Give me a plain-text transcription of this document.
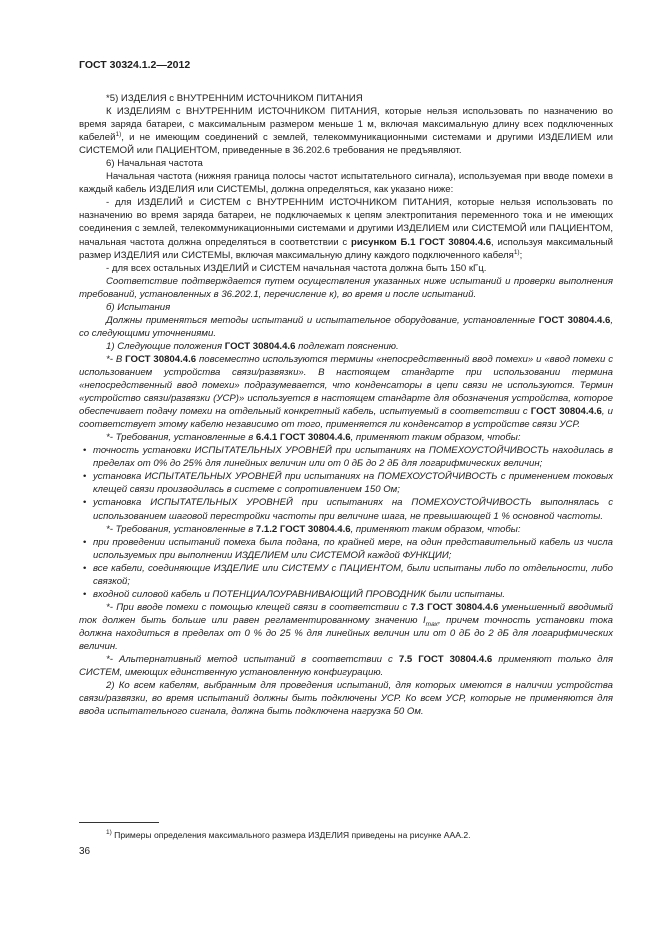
ГОСТ 30324.1.2—2012

*5) ИЗДЕЛИЯ с ВНУТРЕННИМ ИСТОЧНИКОМ ПИТАНИЯ

К ИЗДЕЛИЯМ с ВНУТРЕННИМ ИСТОЧНИКОМ ПИТАНИЯ, которые нельзя использовать по назначению во время заряда батареи, с максимальным размером меньше 1 м, включая максимальную длину всех подключенных кабелей$^{1)}$, и не имеющим соединений с землей, телекоммуникационными системами и другими ИЗДЕЛИЕМ или СИСТЕМОЙ или ПАЦИЕНТОМ, приведенные в 36.202.6 требования не предъявляют.

6) Начальная частота

Начальная частота (нижняя граница полосы частот испытательного сигнала), используемая при вводе помехи в каждый кабель ИЗДЕЛИЯ или СИСТЕМЫ, должна определяться, как указано ниже:

- для ИЗДЕЛИЙ и СИСТЕМ с ВНУТРЕННИМ ИСТОЧНИКОМ ПИТАНИЯ, которые нельзя использовать по назначению во время заряда батареи, не подключаемых к цепям электропитания переменного тока и не имеющих соединения с землей, телекоммуникационными системами и другими ИЗДЕЛИЕМ или СИСТЕМОЙ или ПАЦИЕНТОМ, начальная частота должна определяться в соответствии с рисунком Б.1 ГОСТ 30804.4.6, используя максимальный размер ИЗДЕЛИЯ или СИСТЕМЫ, включая максимальную длину каждого подключенного кабеля$^{1)}$;

- для всех остальных ИЗДЕЛИЙ и СИСТЕМ начальная частота должна быть 150 кГц.

Соответствие подтверждается путем осуществления указанных ниже испытаний и проверки выполнения требований, установленных в 36.202.1, перечисление к), во время и после испытаний.

б) Испытания

Должны применяться методы испытаний и испытательное оборудование, установленные ГОСТ 30804.4.6, со следующими уточнениями.

1) Следующие положения ГОСТ 30804.4.6 подлежат пояснению.

*- В ГОСТ 30804.4.6 повсеместно используются термины «непосредственный ввод помехи» и «ввод помехи с использованием устройства связи/развязки». В настоящем стандарте при использовании термина «непосредственный ввод помехи» подразумевается, что конденсаторы в цепи связи не используются. Термин «устройство связи/развязки (УСР)» используется в настоящем стандарте для обозначения устройства, которое обеспечивает подачу помехи на отдельный конкретный кабель, испытуемый в соответствии с ГОСТ 30804.4.6, и соответствует этому кабелю независимо от того, применяется ли конденсатор в устройстве связи УСР.

*- Требования, установленные в 6.4.1 ГОСТ 30804.4.6, применяют таким образом, чтобы:

• точность установки ИСПЫТАТЕЛЬНЫХ УРОВНЕЙ при испытаниях на ПОМЕХОУСТОЙЧИВОСТЬ находилась в пределах от 0% до 25% для линейных величин или от 0 дБ до 2 дБ для логарифмических величин;

• установка ИСПЫТАТЕЛЬНЫХ УРОВНЕЙ при испытаниях на ПОМЕХОУСТОЙЧИВОСТЬ с применением токовых клещей связи производилась в системе с сопротивлением 150 Ом;

• установка ИСПЫТАТЕЛЬНЫХ УРОВНЕЙ при испытаниях на ПОМЕХОУСТОЙЧИВОСТЬ выполнялась с использованием шаговой перестройки частоты при величине шага, не превышающей 1 % основной частоты.

*- Требования, установленные в 7.1.2 ГОСТ 30804.4.6, применяют таким образом, чтобы:

• при проведении испытаний помеха была подана, по крайней мере, на один представительный кабель из числа используемых при выполнении ИЗДЕЛИЕМ или СИСТЕМОЙ каждой ФУНКЦИИ;

• все кабели, соединяющие ИЗДЕЛИЕ или СИСТЕМУ с ПАЦИЕНТОМ, были испытаны либо по отдельности, либо связкой;

• входной силовой кабель и ПОТЕНЦИАЛОУРАВНИВАЮЩИЙ ПРОВОДНИК были испытаны.

*- При вводе помехи с помощью клещей связи в соответствии с 7.3 ГОСТ 30804.4.6 уменьшенный вводимый ток должен быть больше или равен регламентированному значению $I_{max}$, причем точность установки тока должна находиться в пределах от 0 % до 25 % для линейных величин или от 0 дБ до 2 дБ для логарифмических величин.

*- Альтернативный метод испытаний в соответствии с 7.5 ГОСТ 30804.4.6 применяют только для СИСТЕМ, имеющих единственную установленную конфигурацию.

2) Ко всем кабелям, выбранным для проведения испытаний, для которых имеются в наличии устройства связи/развязки, во время испытаний должны быть подключены УСР. Ко всем УСР, которые не применяются для ввода испытательного сигнала, должна быть подключена нагрузка 50 Ом.

$^{1)}$ Примеры определения максимального размера ИЗДЕЛИЯ приведены на рисунке ААА.2.
36
